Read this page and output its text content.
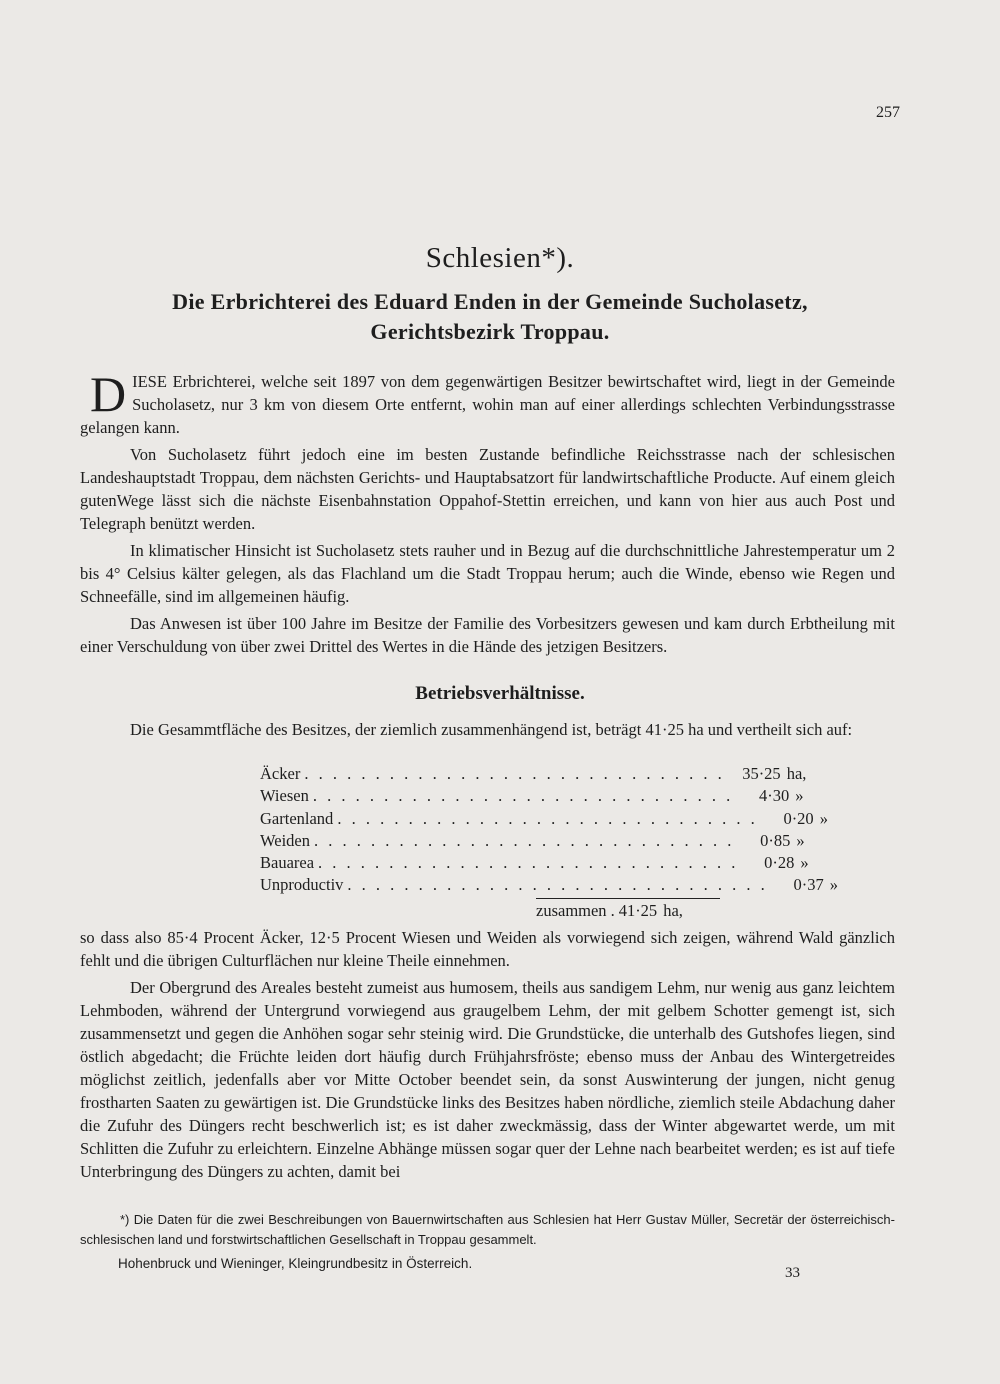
257
Schlesien*).
Die Erbrichterei des Eduard Enden in der Gemeinde Sucholasetz,
Gerichtsbezirk Troppau.

DIESE Erbrichterei, welche seit 1897 von dem gegenwärtigen Besitzer bewirtschaftet wird, liegt in der Gemeinde Sucholasetz, nur 3 km von diesem Orte entfernt, wohin man auf einer allerdings schlechten Verbindungsstrasse gelangen kann.

Von Sucholasetz führt jedoch eine im besten Zustande befindliche Reichsstrasse nach der schlesischen Landeshauptstadt Troppau, dem nächsten Gerichts- und Hauptabsatzort für landwirtschaftliche Producte. Auf einem gleich gutenWege lässt sich die nächste Eisenbahnstation Oppahof-Stettin erreichen, und kann von hier aus auch Post und Telegraph benützt werden.

In klimatischer Hinsicht ist Sucholasetz stets rauher und in Bezug auf die durchschnittliche Jahrestemperatur um 2 bis 4° Celsius kälter gelegen, als das Flachland um die Stadt Troppau herum; auch die Winde, ebenso wie Regen und Schneefälle, sind im allgemeinen häufig.

Das Anwesen ist über 100 Jahre im Besitze der Familie des Vorbesitzers gewesen und kam durch Erbtheilung mit einer Verschuldung von über zwei Drittel des Wertes in die Hände des jetzigen Besitzers.

Betriebsverhältnisse.

Die Gesammtfläche des Besitzes, der ziemlich zusammenhängend ist, beträgt 41·25 ha und vertheilt sich auf:

Äcker . . . . . . . . . . . . . . . . . . . . . . . . . . . . . .	35·25 ha,
Wiesen . . . . . . . . . . . . . . . . . . . . . . . . . . . . . .	4·30 »
Gartenland . . . . . . . . . . . . . . . . . . . . . . . . . . . . . .	0·20 »
Weiden . . . . . . . . . . . . . . . . . . . . . . . . . . . . . .	0·85 »
Bauarea . . . . . . . . . . . . . . . . . . . . . . . . . . . . . .	0·28 »
Unproductiv . . . . . . . . . . . . . . . . . . . . . . . . . . . . . .	0·37 »
zusammen . 41·25 ha,

so dass also 85·4 Procent Äcker, 12·5 Procent Wiesen und Weiden als vorwiegend sich zeigen, während Wald gänzlich fehlt und die übrigen Culturflächen nur kleine Theile einnehmen.

Der Obergrund des Areales besteht zumeist aus humosem, theils aus sandigem Lehm, nur wenig aus ganz leichtem Lehmboden, während der Untergrund vorwiegend aus graugelbem Lehm, der mit gelbem Schotter gemengt ist, sich zusammensetzt und gegen die Anhöhen sogar sehr steinig wird. Die Grundstücke, die unterhalb des Gutshofes liegen, sind östlich abgedacht; die Früchte leiden dort häufig durch Frühjahrsfröste; ebenso muss der Anbau des Wintergetreides möglichst zeitlich, jedenfalls aber vor Mitte October beendet sein, da sonst Auswinterung der jungen, nicht genug frostharten Saaten zu gewärtigen ist. Die Grundstücke links des Besitzes haben nördliche, ziemlich steile Abdachung daher die Zufuhr des Düngers recht beschwerlich ist; es ist daher zweckmässig, dass der Winter abgewartet werde, um mit Schlitten die Zufuhr zu erleichtern. Einzelne Abhänge müssen sogar quer der Lehne nach bearbeitet werden; es ist auf tiefe Unterbringung des Düngers zu achten, damit bei

*) Die Daten für die zwei Beschreibungen von Bauernwirtschaften aus Schlesien hat Herr Gustav Müller, Secretär der österreichisch-schlesischen land und forstwirtschaftlichen Gesellschaft in Troppau gesammelt.
Hohenbruck und Wieninger, Kleingrundbesitz in Österreich.
33
